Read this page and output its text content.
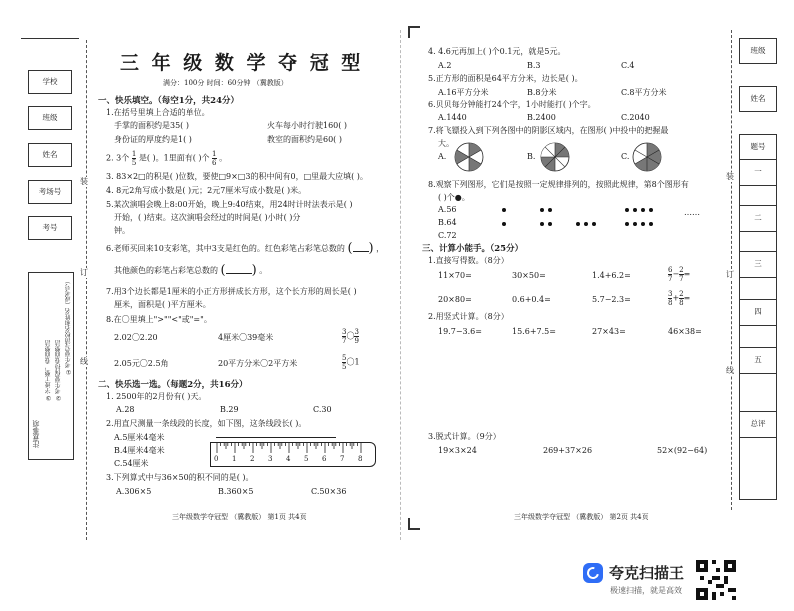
学校
班级
姓名
考场号
考号
注意事项
①考生要写清校名和姓名（或考号）
②考生要保持卷面整洁
③字迹工整，卷面整洁
装
订
线
三 年 级 数 学 夺 冠 型
满分：100分 时间：60分钟 （冀教版）
一、快乐填空。（每空1分，共24分）
1.在括号里填上合适的单位。
手掌的面积约是35( )	火车每小时行驶160( )
身份证的厚度约是1( )	教室的面积约是60( )
2. 3个 $\frac{1}{5}$ 是( )。1里面有( )个 $\frac{1}{6}$ 。
3. 83×2□的积是( )位数，要使□9×□3的积中间有0，□里最大应填( )。
4. 8元2角写成小数是( )元；2元7厘米写成小数是( )米。
5.某次演唱会晚上8:00开始，晚上9:40结束，用24时计时法表示是( )
开始，( )结束。这次演唱会经过的时间是( )小时( )分
钟。
6.老师买回来10支彩笔，其中3支是红色的。红色彩笔占彩笔总数的 ( ) ，
其他颜色的彩笔占彩笔总数的 ( ) 。
7.用3个边长都是1厘米的小正方形拼成长方形，这个长方形的周长是( )
厘米，面积是( )平方厘米。
8.在〇里填上">""<"或"="。
2.02〇2.20	4厘米〇39毫米	$\frac{3}{7}$ 〇 $\frac{3}{9}$
2.05元〇2.5角	20平方分米〇2平方米	$\frac{5}{5}$ 〇1
二、快乐选一选。（每题2分，共16分）
1. 2500年的2月份有( )天。
A.28	B.29	C.30
2.用直尺测量一条线段的长度，如下图，这条线段长( )。
A.5厘米4毫米
B.4厘米4毫米
C.54厘米	0 1 2 3 4 5 6 7 8
3.下列算式中与36×50的积不同的是( )。
A.306×5	B.360×5	C.50×36
三年级数学夺冠型 （冀教版） 第1页 共4页
4. 4.6元再加上( )个0.1元，就是5元。
A.2	B.3	C.4
5.正方形的面积是64平方分米，边长是( )。
A.16平方分米	B.8分米	C.8平方分米
6.贝贝每分钟能打24个字，1小时能打( )个字。
A.1440	B.2400	C.2040
7.将飞镖投入到下列各图中的阴影区域内，在图形( )中投中的把握最
大。
A.	B.	C.
8.观察下列图形，它们是按照一定规律排列的，按照此规律，第8个图形有
( )个●。
A.56
B.64
C.72
……
三、计算小能手。（25分）
1.直接写得数。（8分）
11×70=	30×50=	1.4+6.2=	$\frac{6}{7} - \frac{2}{7}$ =
20×80=	0.6+0.4=	5.7−2.3=	$\frac{3}{8} + \frac{2}{8}$ =
2.用竖式计算。（8分）
19.7−3.6=	15.6+7.5=	27×43=	46×38=
3.脱式计算。（9分）
19×3×24	269+37×26	52×(92−64)
三年级数学夺冠型 （冀教版） 第2页 共4页
装
订
线
班级
姓名
题号
一
二
三
四
五
总评
夸克扫描王
极速扫描，就是高效
